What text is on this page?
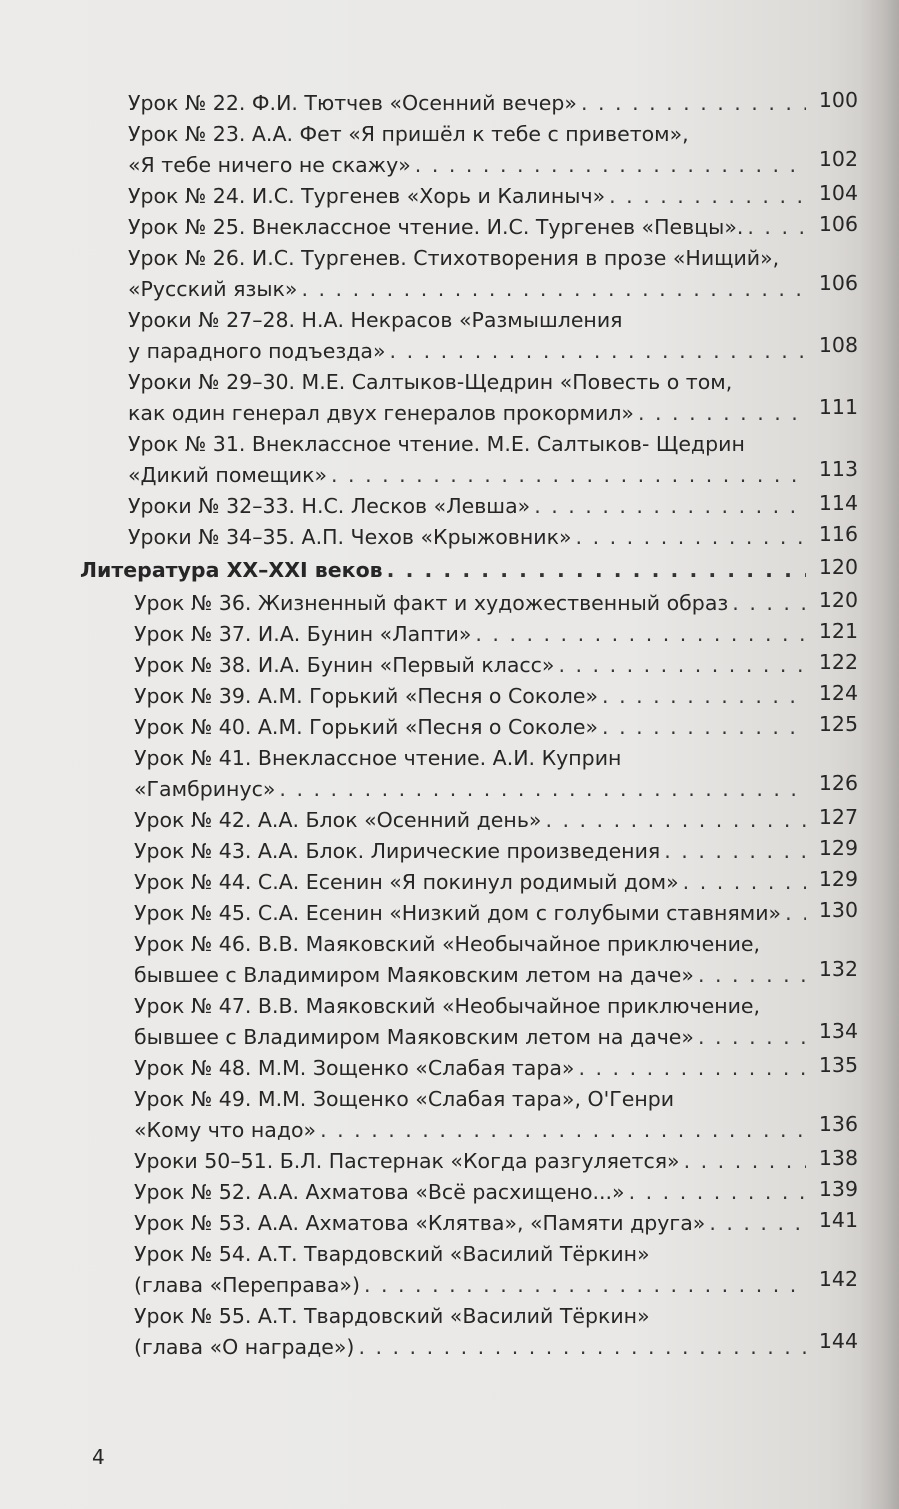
Урок № 22. Ф.И. Тютчев «Осенний вечер» . . .	100
Урок № 23. А.А. Фет «Я пришёл к тебе с приветом»,
«Я тебе ничего не скажу» . . .	102
Урок № 24. И.С. Тургенев «Хорь и Калиныч» . . .	104
Урок № 25. Внеклассное чтение. И.С. Тургенев «Певцы». . . .	106
Урок № 26. И.С. Тургенев. Стихотворения в прозе «Нищий»,
«Русский язык» . . .	106
Уроки № 27–28. Н.А. Некрасов «Размышления
у парадного подъезда» . . .	108
Уроки № 29–30. М.Е. Салтыков-Щедрин «Повесть о том,
как один генерал двух генералов прокормил» . . .	111
Урок № 31. Внеклассное чтение. М.Е. Салтыков- Щедрин
«Дикий помещик» . . .	113
Уроки № 32–33. Н.С. Лесков «Левша» . . .	114
Уроки № 34–35. А.П. Чехов «Крыжовник» . . .	116
Литература XX–XXI веков . . .	120
Урок № 36. Жизненный факт и художественный образ . . .	120
Урок № 37. И.А. Бунин «Лапти» . . .	121
Урок № 38. И.А. Бунин «Первый класс» . . .	122
Урок № 39. А.М. Горький «Песня о Соколе» . . .	124
Урок № 40. А.М. Горький «Песня о Соколе» . . .	125
Урок № 41. Внеклассное чтение. А.И. Куприн
«Гамбринус» . . .	126
Урок № 42. А.А. Блок «Осенний день» . . .	127
Урок № 43. А.А. Блок. Лирические произведения . . .	129
Урок № 44. С.А. Есенин «Я покинул родимый дом» . . .	129
Урок № 45. С.А. Есенин «Низкий дом с голубыми ставнями» . . .	130
Урок № 46. В.В. Маяковский «Необычайное приключение,
бывшее с Владимиром Маяковским летом на даче» . . .	132
Урок № 47. В.В. Маяковский «Необычайное приключение,
бывшее с Владимиром Маяковским летом на даче» . . .	134
Урок № 48. М.М. Зощенко «Слабая тара» . . .	135
Урок № 49. М.М. Зощенко «Слабая тара», О'Генри
«Кому что надо» . . .	136
Уроки 50–51. Б.Л. Пастернак «Когда разгуляется» . . .	138
Урок № 52. А.А. Ахматова «Всё расхищено...» . . .	139
Урок № 53. А.А. Ахматова «Клятва», «Памяти друга» . . .	141
Урок № 54. А.Т. Твардовский «Василий Тёркин»
(глава «Переправа») . . .	142
Урок № 55. А.Т. Твардовский «Василий Тёркин»
(глава «О награде») . . .	144
4
